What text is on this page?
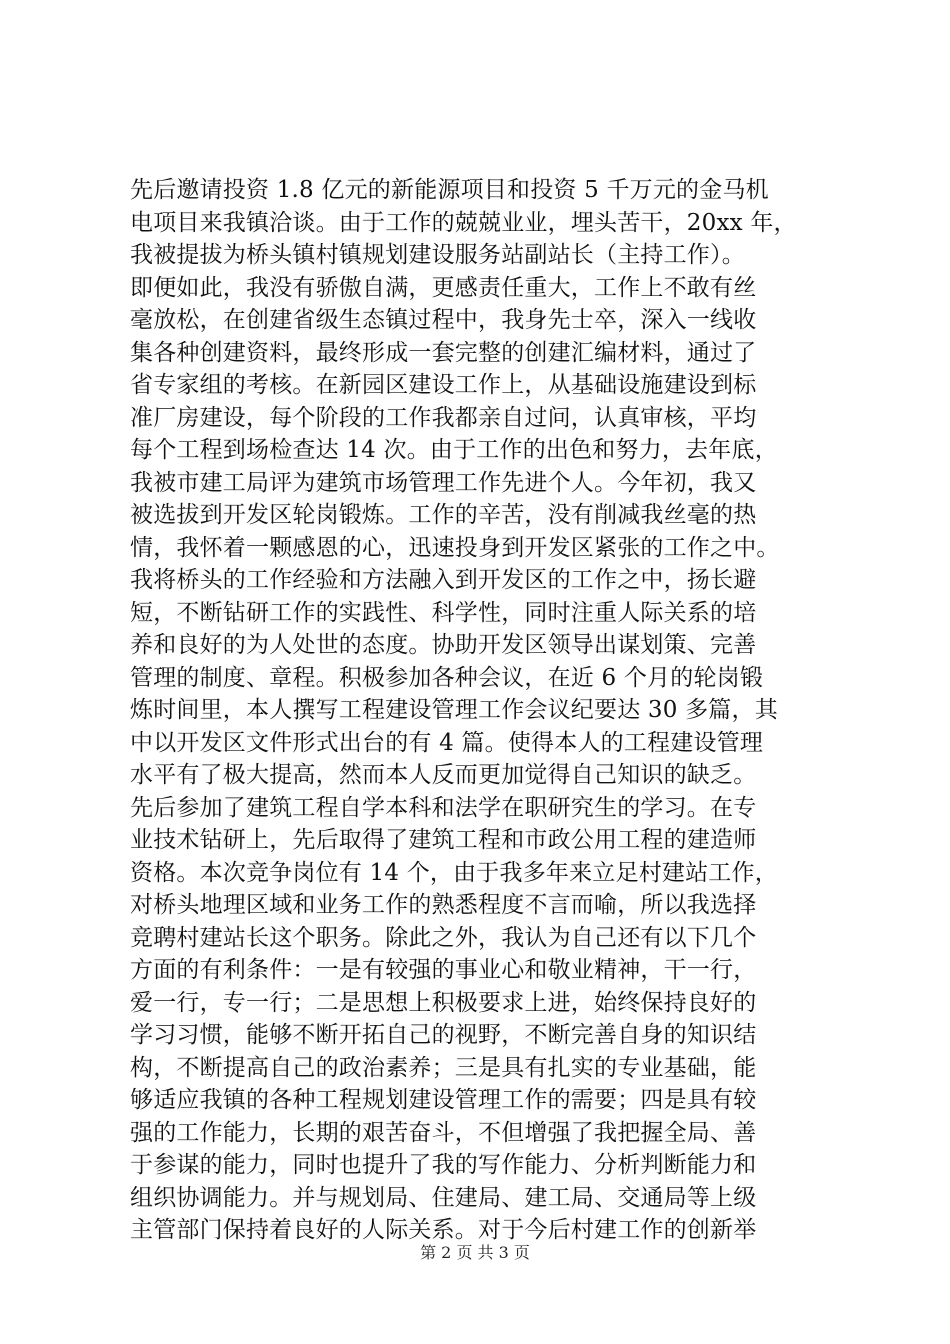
先后邀请投资 1.8 亿元的新能源项目和投资 5 千万元的金马机
电项目来我镇洽谈。由于工作的兢兢业业，埋头苦干，20xx 年，
我被提拔为桥头镇村镇规划建设服务站副站长（主持工作）。
即便如此，我没有骄傲自满，更感责任重大，工作上不敢有丝
毫放松，在创建省级生态镇过程中，我身先士卒，深入一线收
集各种创建资料，最终形成一套完整的创建汇编材料，通过了
省专家组的考核。在新园区建设工作上，从基础设施建设到标
准厂房建设，每个阶段的工作我都亲自过问，认真审核，平均
每个工程到场检查达 14 次。由于工作的出色和努力，去年底，
我被市建工局评为建筑市场管理工作先进个人。今年初，我又
被选拔到开发区轮岗锻炼。工作的辛苦，没有削减我丝毫的热
情，我怀着一颗感恩的心，迅速投身到开发区紧张的工作之中。
我将桥头的工作经验和方法融入到开发区的工作之中，扬长避
短，不断钻研工作的实践性、科学性，同时注重人际关系的培
养和良好的为人处世的态度。协助开发区领导出谋划策、完善
管理的制度、章程。积极参加各种会议，在近 6 个月的轮岗锻
炼时间里，本人撰写工程建设管理工作会议纪要达 30 多篇，其
中以开发区文件形式出台的有 4 篇。使得本人的工程建设管理
水平有了极大提高，然而本人反而更加觉得自己知识的缺乏。
先后参加了建筑工程自学本科和法学在职研究生的学习。在专
业技术钻研上，先后取得了建筑工程和市政公用工程的建造师
资格。本次竞争岗位有 14 个，由于我多年来立足村建站工作，
对桥头地理区域和业务工作的熟悉程度不言而喻，所以我选择
竞聘村建站长这个职务。除此之外，我认为自己还有以下几个
方面的有利条件：一是有较强的事业心和敬业精神，干一行，
爱一行，专一行；二是思想上积极要求上进，始终保持良好的
学习习惯，能够不断开拓自己的视野，不断完善自身的知识结
构，不断提高自己的政治素养；三是具有扎实的专业基础，能
够适应我镇的各种工程规划建设管理工作的需要；四是具有较
强的工作能力，长期的艰苦奋斗，不但增强了我把握全局、善
于参谋的能力，同时也提升了我的写作能力、分析判断能力和
组织协调能力。并与规划局、住建局、建工局、交通局等上级
主管部门保持着良好的人际关系。对于今后村建工作的创新举
第 2 页 共 3 页
